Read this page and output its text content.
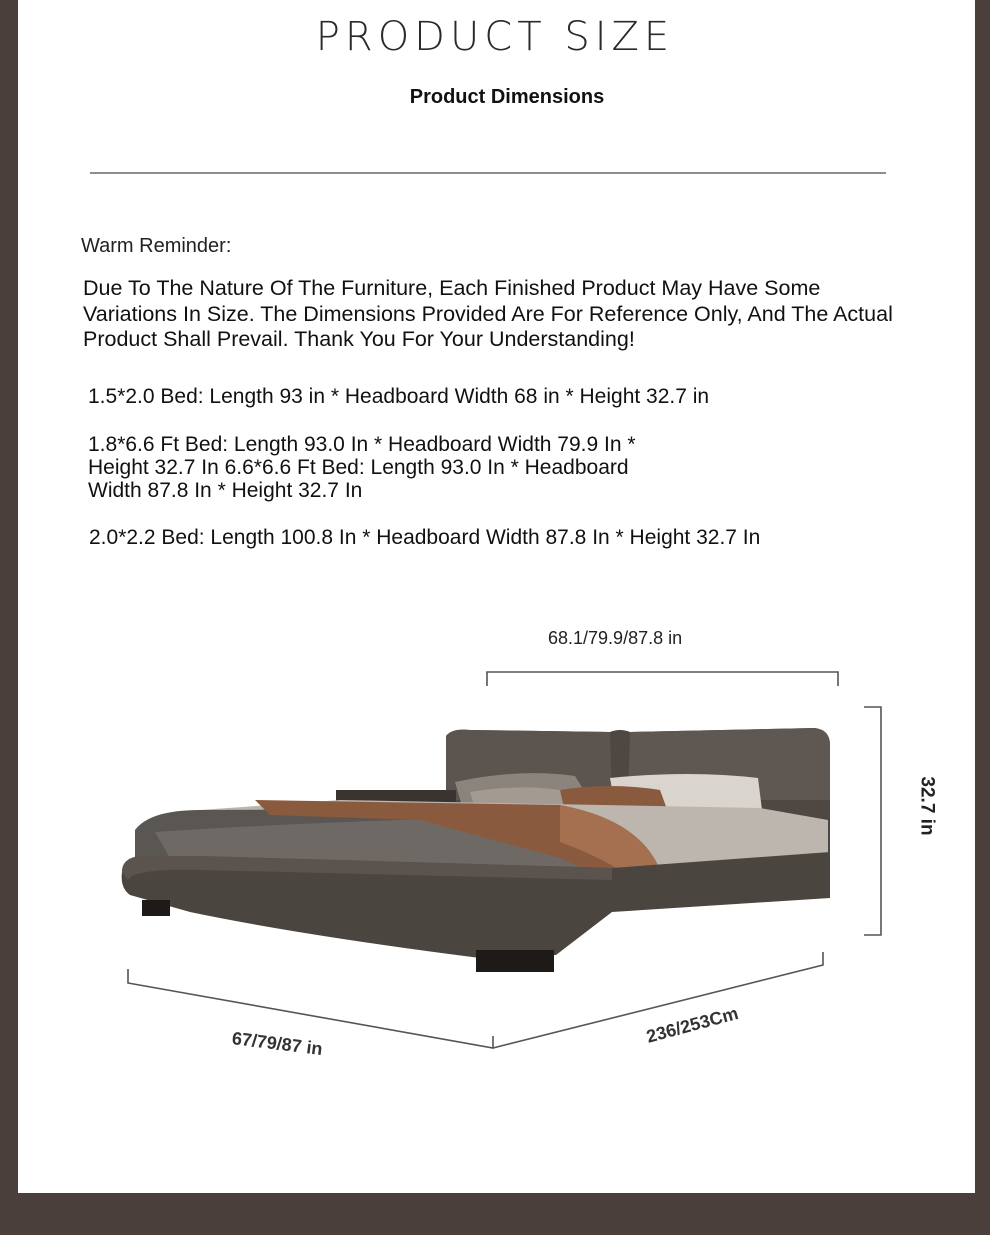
PRODUCT SIZE
Product Dimensions
Warm Reminder:
Due To The Nature Of The Furniture, Each Finished Product May Have Some Variations In Size. The Dimensions Provided Are For Reference Only, And The Actual Product Shall Prevail. Thank You For Your Understanding!
1.5*2.0 Bed: Length 93 in * Headboard Width 68 in * Height 32.7 in
1.8*6.6 Ft Bed: Length 93.0 In * Headboard Width 79.9 In * Height 32.7 In 6.6*6.6 Ft Bed: Length 93.0 In * Headboard Width 87.8 In * Height 32.7 In
2.0*2.2 Bed: Length 100.8 In * Headboard Width 87.8 In * Height 32.7 In
68.1/79.9/87.8 in
32.7 in
67/79/87 in	236/253Cm
